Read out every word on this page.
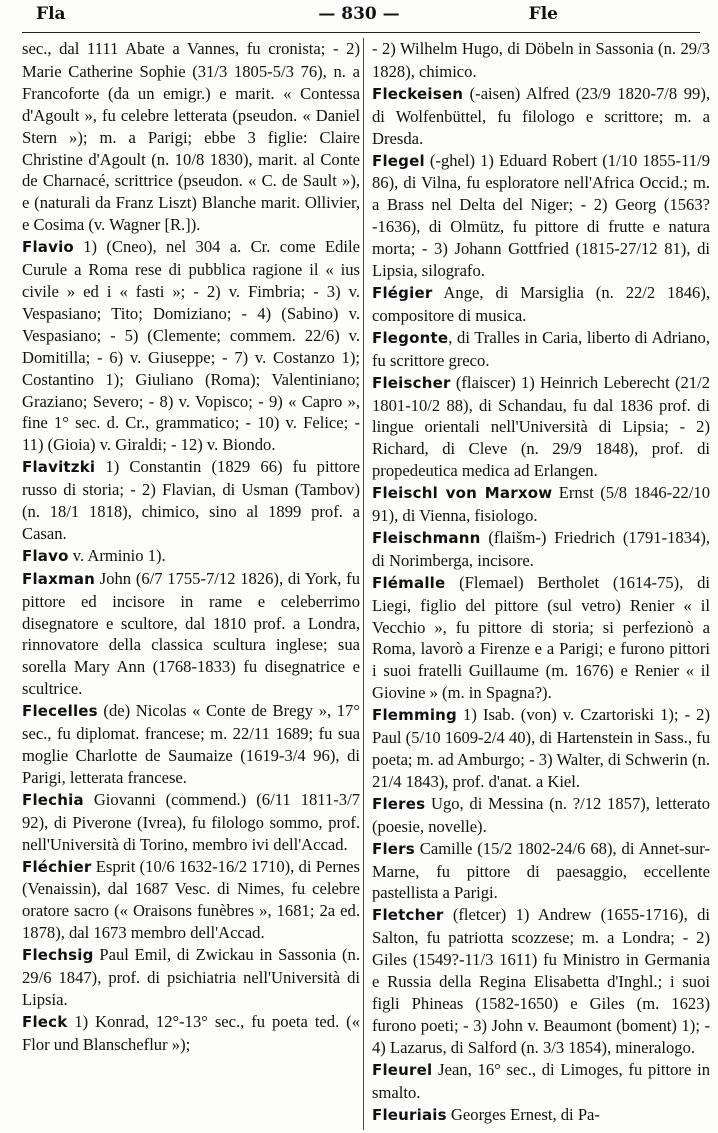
Fla	— 830 —	Fle

sec., dal 1111 Abate a Vannes, fu cronista; - 2) Marie Catherine Sophie (31/3 1805-5/3 76), n. a Francoforte (da un emigr.) e marit. « Contessa d'Agoult », fu celebre letterata (pseudon. « Daniel Stern »); m. a Parigi; ebbe 3 figlie: Claire Christine d'Agoult (n. 10/8 1830), marit. al Conte de Charnacé, scrittrice (pseudon. « C. de Sault »), e (naturali da Franz Liszt) Blanche marit. Ollivier, e Cosima (v. Wagner [R.]).

Flavio 1) (Cneo), nel 304 a. Cr. come Edile Curule a Roma rese di pubblica ragione il « ius civile » ed i « fasti »; - 2) v. Fimbria; - 3) v. Vespasiano; Tito; Domiziano; - 4) (Sabino) v. Vespasiano; - 5) (Clemente; commem. 22/6) v. Domitilla; - 6) v. Giuseppe; - 7) v. Costanzo 1); Costantino 1); Giuliano (Roma); Valentiniano; Graziano; Severo; - 8) v. Vopisco; - 9) « Capro », fine 1° sec. d. Cr., grammatico; - 10) v. Felice; - 11) (Gioia) v. Giraldi; - 12) v. Biondo.

Flavitzki 1) Constantin (1829 66) fu pittore russo di storia; - 2) Flavian, di Usman (Tambov) (n. 18/1 1818), chimico, sino al 1899 prof. a Casan.

Flavo v. Arminio 1).

Flaxman John (6/7 1755-7/12 1826), di York, fu pittore ed incisore in rame e celeberrimo disegnatore e scultore, dal 1810 prof. a Londra, rinnovatore della classica scultura inglese; sua sorella Mary Ann (1768-1833) fu disegnatrice e scultrice.

Flecelles (de) Nicolas « Conte de Bregy », 17° sec., fu diplomat. francese; m. 22/11 1689; fu sua moglie Charlotte de Saumaize (1619-3/4 96), di Parigi, letterata francese.

Flechia Giovanni (commend.) (6/11 1811-3/7 92), di Piverone (Ivrea), fu filologo sommo, prof. nell'Università di Torino, membro ivi dell'Accad.

Fléchier Esprit (10/6 1632-16/2 1710), di Pernes (Venaissin), dal 1687 Vesc. di Nimes, fu celebre oratore sacro (« Oraisons funèbres », 1681; 2a ed. 1878), dal 1673 membro dell'Accad.

Flechsig Paul Emil, di Zwickau in Sassonia (n. 29/6 1847), prof. di psichiatria nell'Università di Lipsia.

Fleck 1) Konrad, 12°-13° sec., fu poeta ted. (« Flor und Blanscheflur »);

- 2) Wilhelm Hugo, di Döbeln in Sassonia (n. 29/3 1828), chimico.

Fleckeisen (-aisen) Alfred (23/9 1820-7/8 99), di Wolfenbüttel, fu filologo e scrittore; m. a Dresda.

Flegel (-ghel) 1) Eduard Robert (1/10 1855-11/9 86), di Vilna, fu esploratore nell'Africa Occid.; m. a Brass nel Delta del Niger; - 2) Georg (1563?-1636), di Olmütz, fu pittore di frutte e natura morta; - 3) Johann Gottfried (1815-27/12 81), di Lipsia, silografo.

Flégier Ange, di Marsiglia (n. 22/2 1846), compositore di musica.

Flegonte, di Tralles in Caria, liberto di Adriano, fu scrittore greco.

Fleischer (flaiscer) 1) Heinrich Leberecht (21/2 1801-10/2 88), di Schandau, fu dal 1836 prof. di lingue orientali nell'Università di Lipsia; - 2) Richard, di Cleve (n. 29/9 1848), prof. di propedeutica medica ad Erlangen.

Fleischl von Marxow Ernst (5/8 1846-22/10 91), di Vienna, fisiologo.

Fleischmann (flaišm-) Friedrich (1791-1834), di Norimberga, incisore.

Flémalle (Flemael) Bertholet (1614-75), di Liegi, figlio del pittore (sul vetro) Renier « il Vecchio », fu pittore di storia; si perfezionò a Roma, lavorò a Firenze e a Parigi; e furono pittori i suoi fratelli Guillaume (m. 1676) e Renier « il Giovine » (m. in Spagna?).

Flemming 1) Isab. (von) v. Czartoriski 1); - 2) Paul (5/10 1609-2/4 40), di Hartenstein in Sass., fu poeta; m. ad Amburgo; - 3) Walter, di Schwerin (n. 21/4 1843), prof. d'anat. a Kiel.

Fleres Ugo, di Messina (n. ?/12 1857), letterato (poesie, novelle).

Flers Camille (15/2 1802-24/6 68), di Annet-sur-Marne, fu pittore di paesaggio, eccellente pastellista a Parigi.

Fletcher (fletcer) 1) Andrew (1655-1716), di Salton, fu patriotta scozzese; m. a Londra; - 2) Giles (1549?-11/3 1611) fu Ministro in Germania e Russia della Regina Elisabetta d'Inghl.; i suoi figli Phineas (1582-1650) e Giles (m. 1623) furono poeti; - 3) John v. Beaumont (boment) 1); - 4) Lazarus, di Salford (n. 3/3 1854), mineralogo.

Fleurel Jean, 16° sec., di Limoges, fu pittore in smalto.

Fleuriais Georges Ernest, di Pa-
